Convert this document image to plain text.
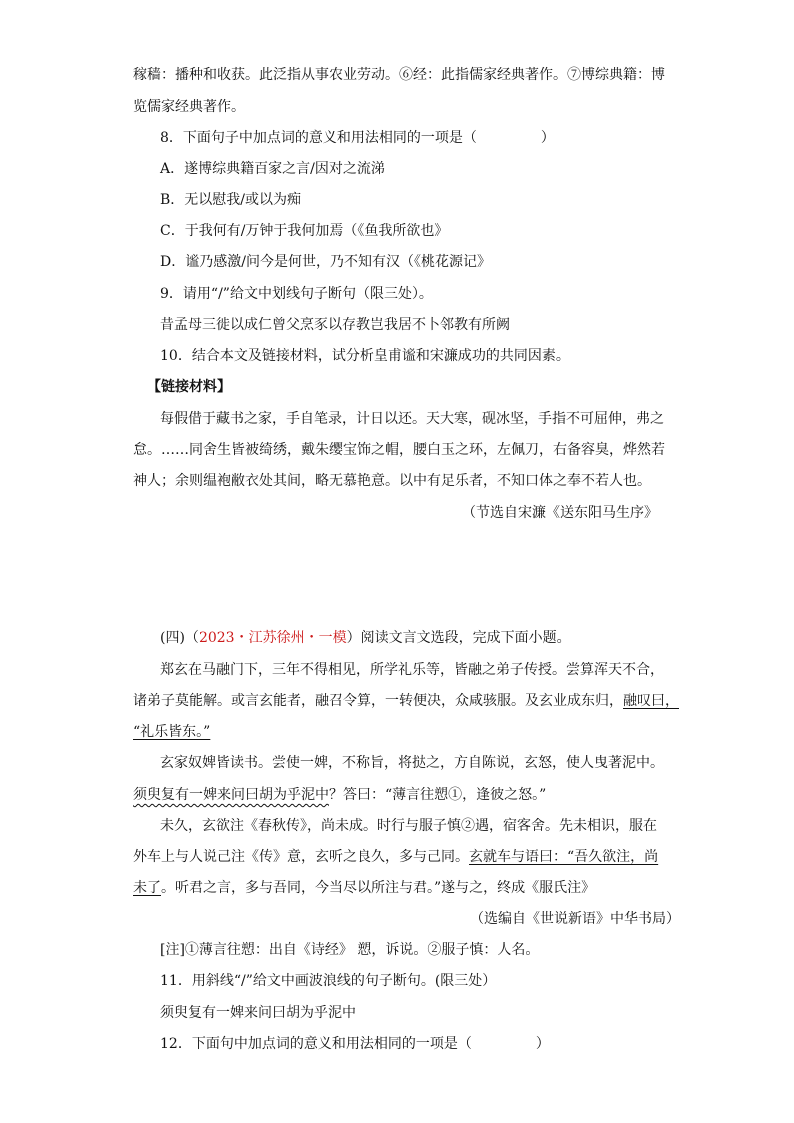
稼穑：播种和收获。此泛指从事农业劳动。⑥经：此指儒家经典著作。⑦博综典籍：博
览儒家经典著作。
8．下面句子中加点词的意义和用法相同的一项是（	）
A．遂博综典籍百家之言/因对之流涕
B．无以慰我/或以为痴
C．于我何有/万钟于我何加焉（《鱼我所欲也》
D．谧乃感激/问今是何世，乃不知有汉（《桃花源记》
9．请用“/”给文中划线句子断句（限三处）。
昔孟母三徙以成仁曾父烹豕以存教岂我居不卜邻教有所阙
10．结合本文及链接材料，试分析皇甫谧和宋濂成功的共同因素。
【链接材料】
每假借于藏书之家，手自笔录，计日以还。天大寒，砚冰坚，手指不可屈伸，弗之
怠。……同舍生皆被绮绣，戴朱缨宝饰之帽，腰白玉之环，左佩刀，右备容臭，烨然若
神人；余则缊袍敝衣处其间，略无慕艳意。以中有足乐者，不知口体之奉不若人也。
（节选自宋濂《送东阳马生序》
(四)（2023・江苏徐州・一模）阅读文言文选段，完成下面小题。
郑玄在马融门下，三年不得相见，所学礼乐等，皆融之弟子传授。尝算浑天不合，
诸弟子莫能解。或言玄能者，融召令算，一转便决，众咸骇服。及玄业成东归，融叹曰，
“礼乐皆东。”
玄家奴婢皆读书。尝使一婢，不称旨，将挞之，方自陈说，玄怒，使人曳著泥中。
须臾复有一婢来问曰胡为乎泥中？答曰：“薄言往愬①，逢彼之怒。”
未久，玄欲注《春秋传》，尚未成。时行与服子慎②遇，宿客舍。先未相识，服在
外车上与人说己注《传》意，玄听之良久，多与己同。玄就车与语曰：“吾久欲注，尚
未了。听君之言，多与吾同，今当尽以所注与君。”遂与之，终成《服氏注》
（选编自《世说新语》中华书局）
[注]①薄言往愬：出自《诗经》 愬，诉说。②服子慎：人名。
11．用斜线“/”给文中画波浪线的句子断句。(限三处）
须臾复有一婢来问曰胡为乎泥中
12．下面句中加点词的意义和用法相同的一项是（	）
